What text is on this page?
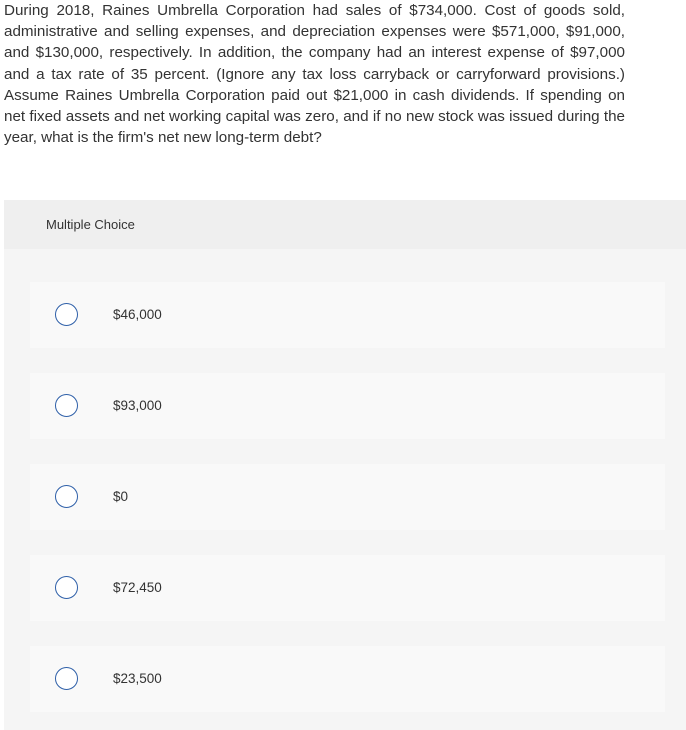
During 2018, Raines Umbrella Corporation had sales of $734,000. Cost of goods sold, administrative and selling expenses, and depreciation expenses were $571,000, $91,000, and $130,000, respectively. In addition, the company had an interest expense of $97,000 and a tax rate of 35 percent. (Ignore any tax loss carryback or carryforward provisions.) Assume Raines Umbrella Corporation paid out $21,000 in cash dividends. If spending on net fixed assets and net working capital was zero, and if no new stock was issued during the year, what is the firm's net new long-term debt?

Multiple Choice
$46,000
$93,000
$0
$72,450
$23,500
